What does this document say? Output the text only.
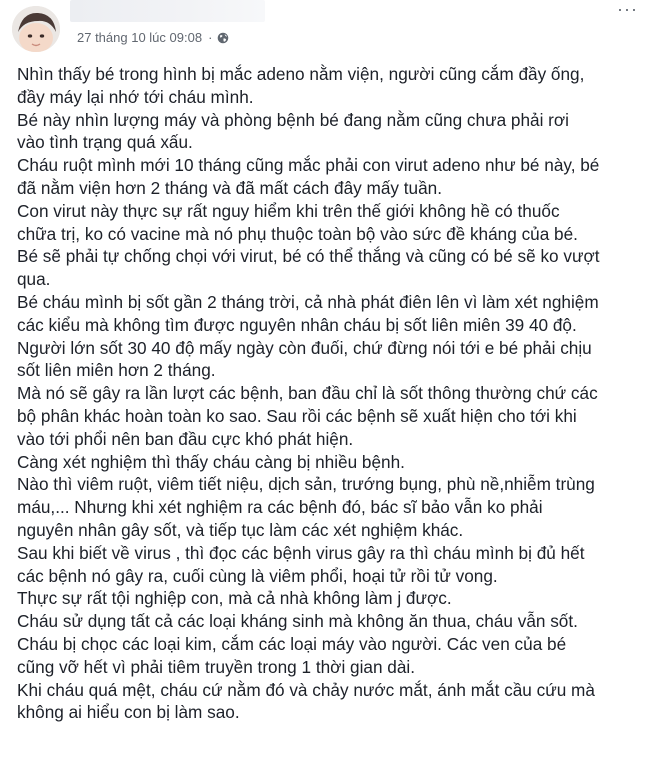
27 tháng 10 lúc 09:08 ·
···

Nhìn thấy bé trong hình bị mắc adeno nằm viện, người cũng cắm đầy ống,
đầy máy lại nhớ tới cháu mình.

Bé này nhìn lượng máy và phòng bệnh bé đang nằm cũng chưa phải rơi
vào tình trạng quá xấu.

Cháu ruột mình mới 10 tháng cũng mắc phải con virut adeno như bé này, bé
đã nằm viện hơn 2 tháng và đã mất cách đây mấy tuần.

Con virut này thực sự rất nguy hiểm khi trên thế giới không hề có thuốc
chữa trị, ko có vacine mà nó phụ thuộc toàn bộ vào sức đề kháng của bé.

Bé sẽ phải tự chống chọi với virut, bé có thể thắng và cũng có bé sẽ ko vượt
qua.

Bé cháu mình bị sốt gần 2 tháng trời, cả nhà phát điên lên vì làm xét nghiệm
các kiểu mà không tìm được nguyên nhân cháu bị sốt liên miên 39 40 độ.

Người lớn sốt 30 40 độ mấy ngày còn đuối, chứ đừng nói tới e bé phải chịu
sốt liên miên hơn 2 tháng.

Mà nó sẽ gây ra lần lượt các bệnh, ban đầu chỉ là sốt thông thường chứ các
bộ phân khác hoàn toàn ko sao. Sau rồi các bệnh sẽ xuất hiện cho tới khi
vào tới phổi nên ban đầu cực khó phát hiện.

Càng xét nghiệm thì thấy cháu càng bị nhiều bệnh.

Nào thì viêm ruột, viêm tiết niệu, dịch sản, trướng bụng, phù nề,nhiễm trùng
máu,... Nhưng khi xét nghiệm ra các bệnh đó, bác sĩ bảo vẫn ko phải
nguyên nhân gây sốt, và tiếp tục làm các xét nghiệm khác.

Sau khi biết về virus , thì đọc các bệnh virus gây ra thì cháu mình bị đủ hết
các bệnh nó gây ra, cuối cùng là viêm phổi, hoại tử rồi tử vong.

Thực sự rất tội nghiệp con, mà cả nhà không làm j được.

Cháu sử dụng tất cả các loại kháng sinh mà không ăn thua, cháu vẫn sốt.

Cháu bị chọc các loại kim, cắm các loại máy vào người. Các ven của bé
cũng vỡ hết vì phải tiêm truyền trong 1 thời gian dài.

Khi cháu quá mệt, cháu cứ nằm đó và chảy nước mắt, ánh mắt cầu cứu mà
không ai hiểu con bị làm sao.
